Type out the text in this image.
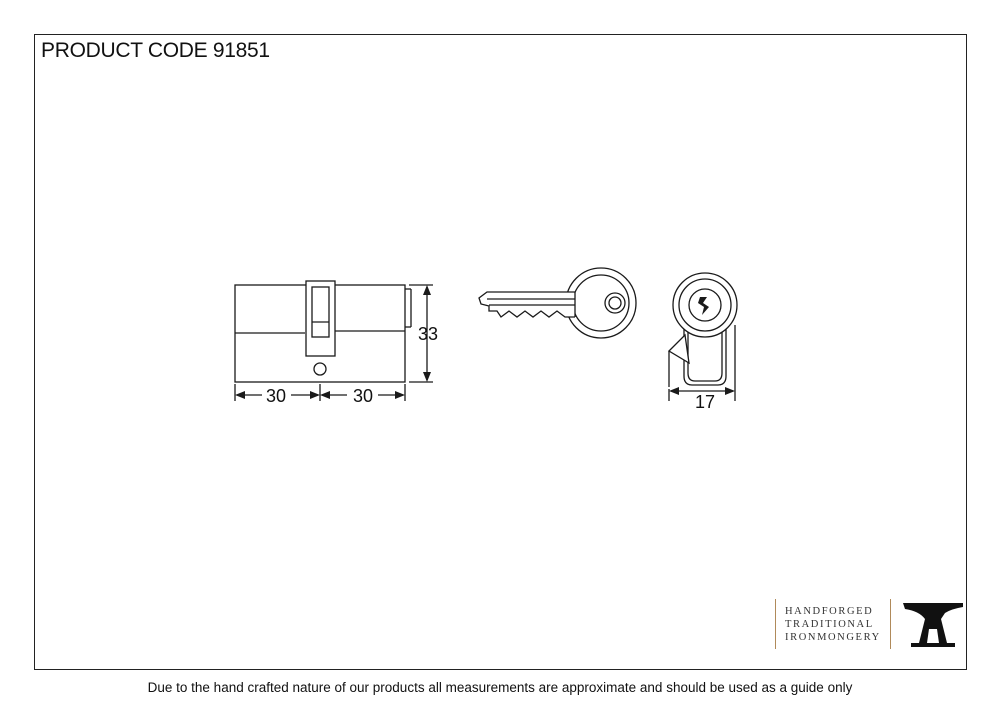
PRODUCT CODE 91851
30	30
33
17
HANDFORGED
TRADITIONAL
IRONMONGERY
Due to the hand crafted nature of our products all measurements are approximate and should be used as a guide only
